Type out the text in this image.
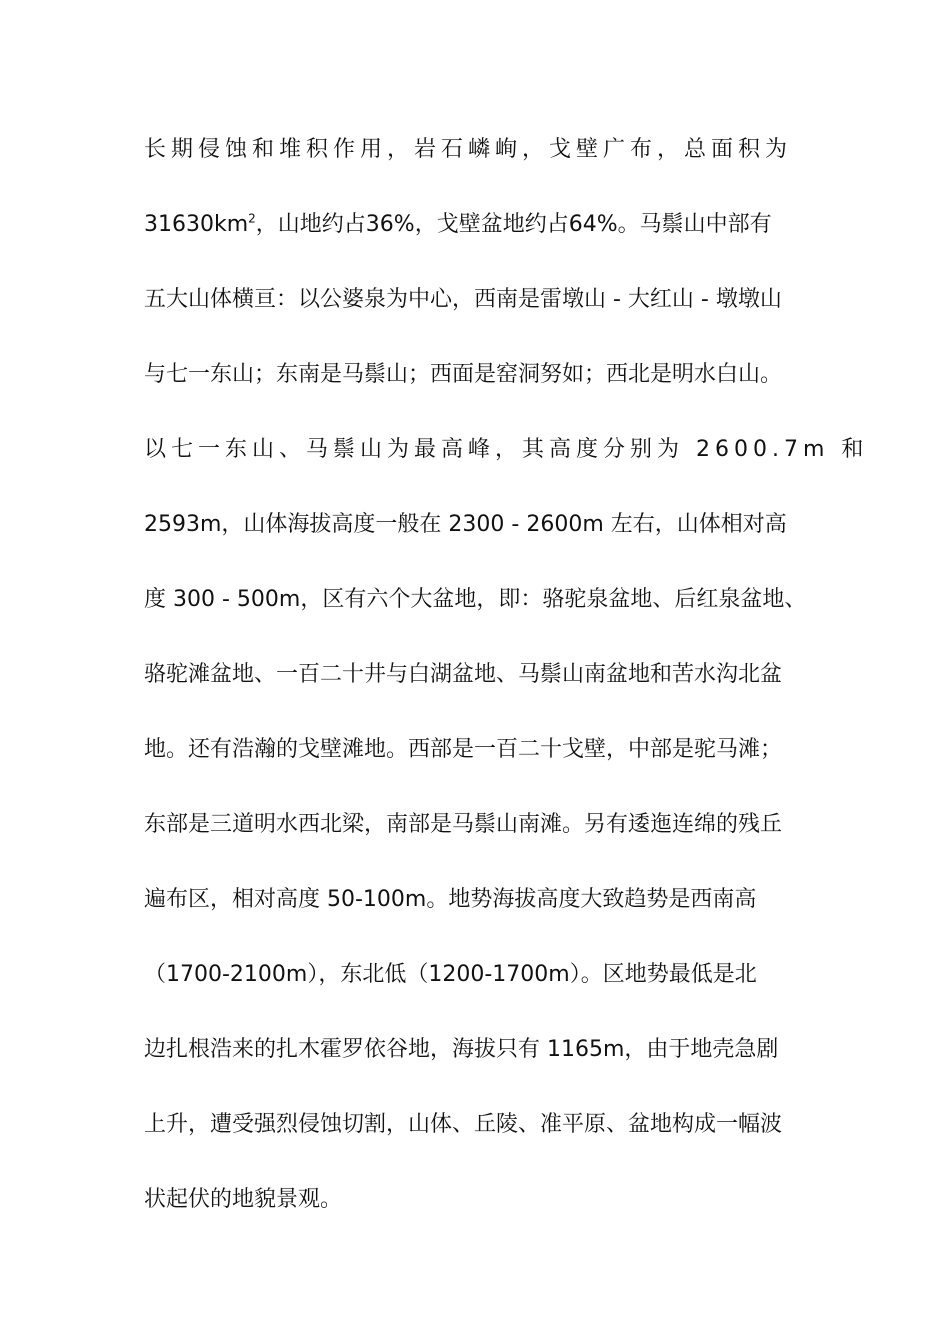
长期侵蚀和堆积作用，岩石嶙峋，戈壁广布，总面积为
$31630km^2$，山地约占36%，戈壁盆地约占64%。马鬃山中部有
五大山体横亘：以公婆泉为中心，西南是雷墩山 - 大红山 - 墩墩山
与七一东山；东南是马鬃山；西面是窑洞努如；西北是明水白山。
以七一东山、马鬃山为最高峰，其高度分别为 2600.7m 和
2593m，山体海拔高度一般在 2300 - 2600m 左右，山体相对高
度 300 - 500m，区有六个大盆地，即：骆驼泉盆地、后红泉盆地、
骆驼滩盆地、一百二十井与白湖盆地、马鬃山南盆地和苦水沟北盆
地。还有浩瀚的戈壁滩地。西部是一百二十戈壁，中部是驼马滩；
东部是三道明水西北梁，南部是马鬃山南滩。另有逶迤连绵的残丘
遍布区，相对高度 50-100m。地势海拔高度大致趋势是西南高
（1700-2100m），东北低（1200-1700m）。区地势最低是北
边扎根浩来的扎木霍罗依谷地，海拔只有 1165m，由于地壳急剧
上升，遭受强烈侵蚀切割，山体、丘陵、准平原、盆地构成一幅波
状起伏的地貌景观。
